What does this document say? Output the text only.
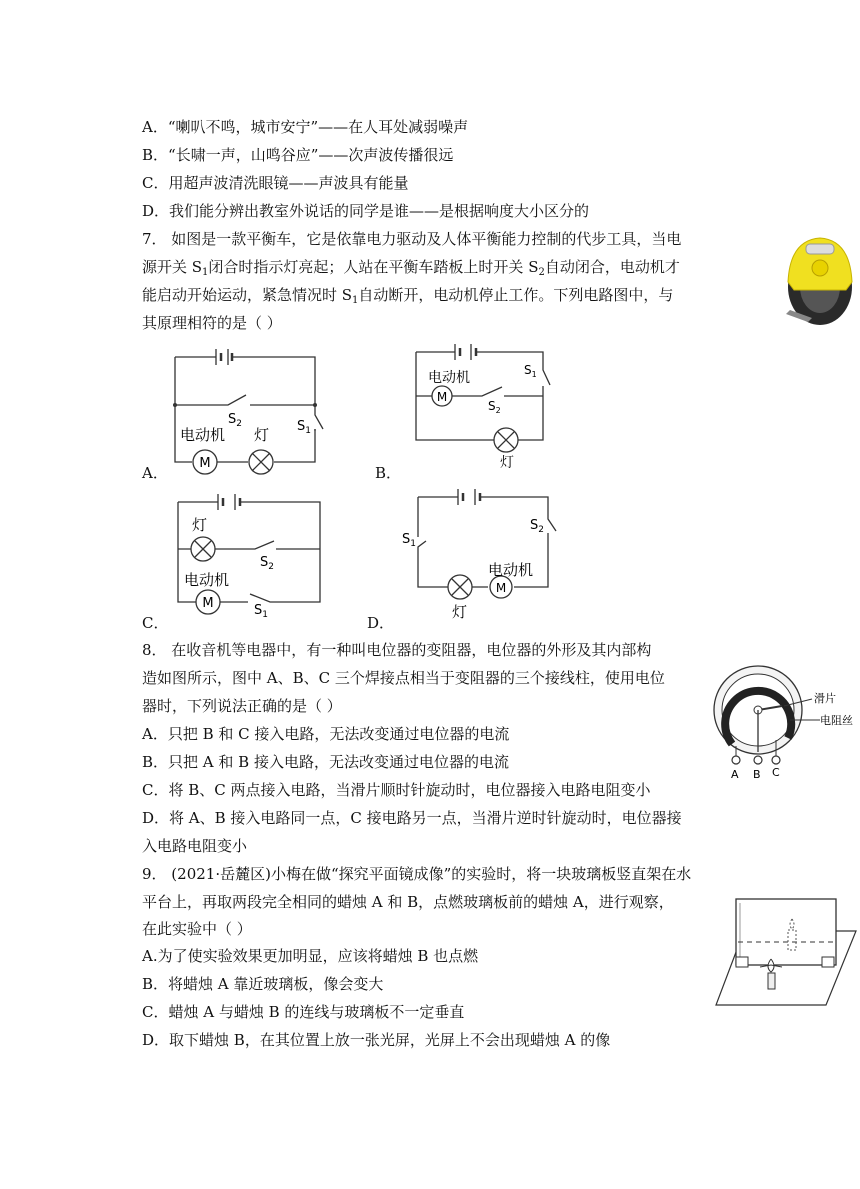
A．“喇叭不鸣，城市安宁”——在人耳处减弱噪声
B．“长啸一声，山鸣谷应”——次声波传播很远
C．用超声波清洗眼镜——声波具有能量
D．我们能分辨出教室外说话的同学是谁——是根据响度大小区分的
7． 如图是一款平衡车，它是依靠电力驱动及人体平衡能力控制的代步工具，当电
源开关 $S_1$闭合时指示灯亮起；人站在平衡车踏板上时开关 $S_2$自动闭合，电动机才
能启动开始运动，紧急情况时 $S_1$自动断开，电动机停止工作。下列电路图中，与
其原理相符的是（ ）
M
电动机 灯
$S_2$	$S_1$
A．
M
电动机
灯
$S_2$
$S_1$
B．
M
灯
电动机
$S_2$
$S_1$
C．
M
灯
电动机
$S_1$
$S_2$
D．
8． 在收音机等电器中，有一种叫电位器的变阻器，电位器的外形及其内部构
造如图所示，图中 A、B、C 三个焊接点相当于变阻器的三个接线柱，使用电位
器时，下列说法正确的是（ ）
A．只把 B 和 C 接入电路，无法改变通过电位器的电流
B．只把 A 和 B 接入电路，无法改变通过电位器的电流
C．将 B、C 两点接入电路，当滑片顺时针旋动时，电位器接入电路电阻变小
D．将 A、B 接入电路同一点，C 接电路另一点，当滑片逆时针旋动时，电位器接
入电路电阻变小
滑片
电阻丝
A B C
9． (2021·岳麓区)小梅在做“探究平面镜成像”的实验时，将一块玻璃板竖直架在水
平台上，再取两段完全相同的蜡烛 A 和 B，点燃玻璃板前的蜡烛 A，进行观察，
在此实验中（ ）
A.为了使实验效果更加明显，应该将蜡烛 B 也点燃
B．将蜡烛 A 靠近玻璃板，像会变大
C．蜡烛 A 与蜡烛 B 的连线与玻璃板不一定垂直
D．取下蜡烛 B，在其位置上放一张光屏，光屏上不会出现蜡烛 A 的像
